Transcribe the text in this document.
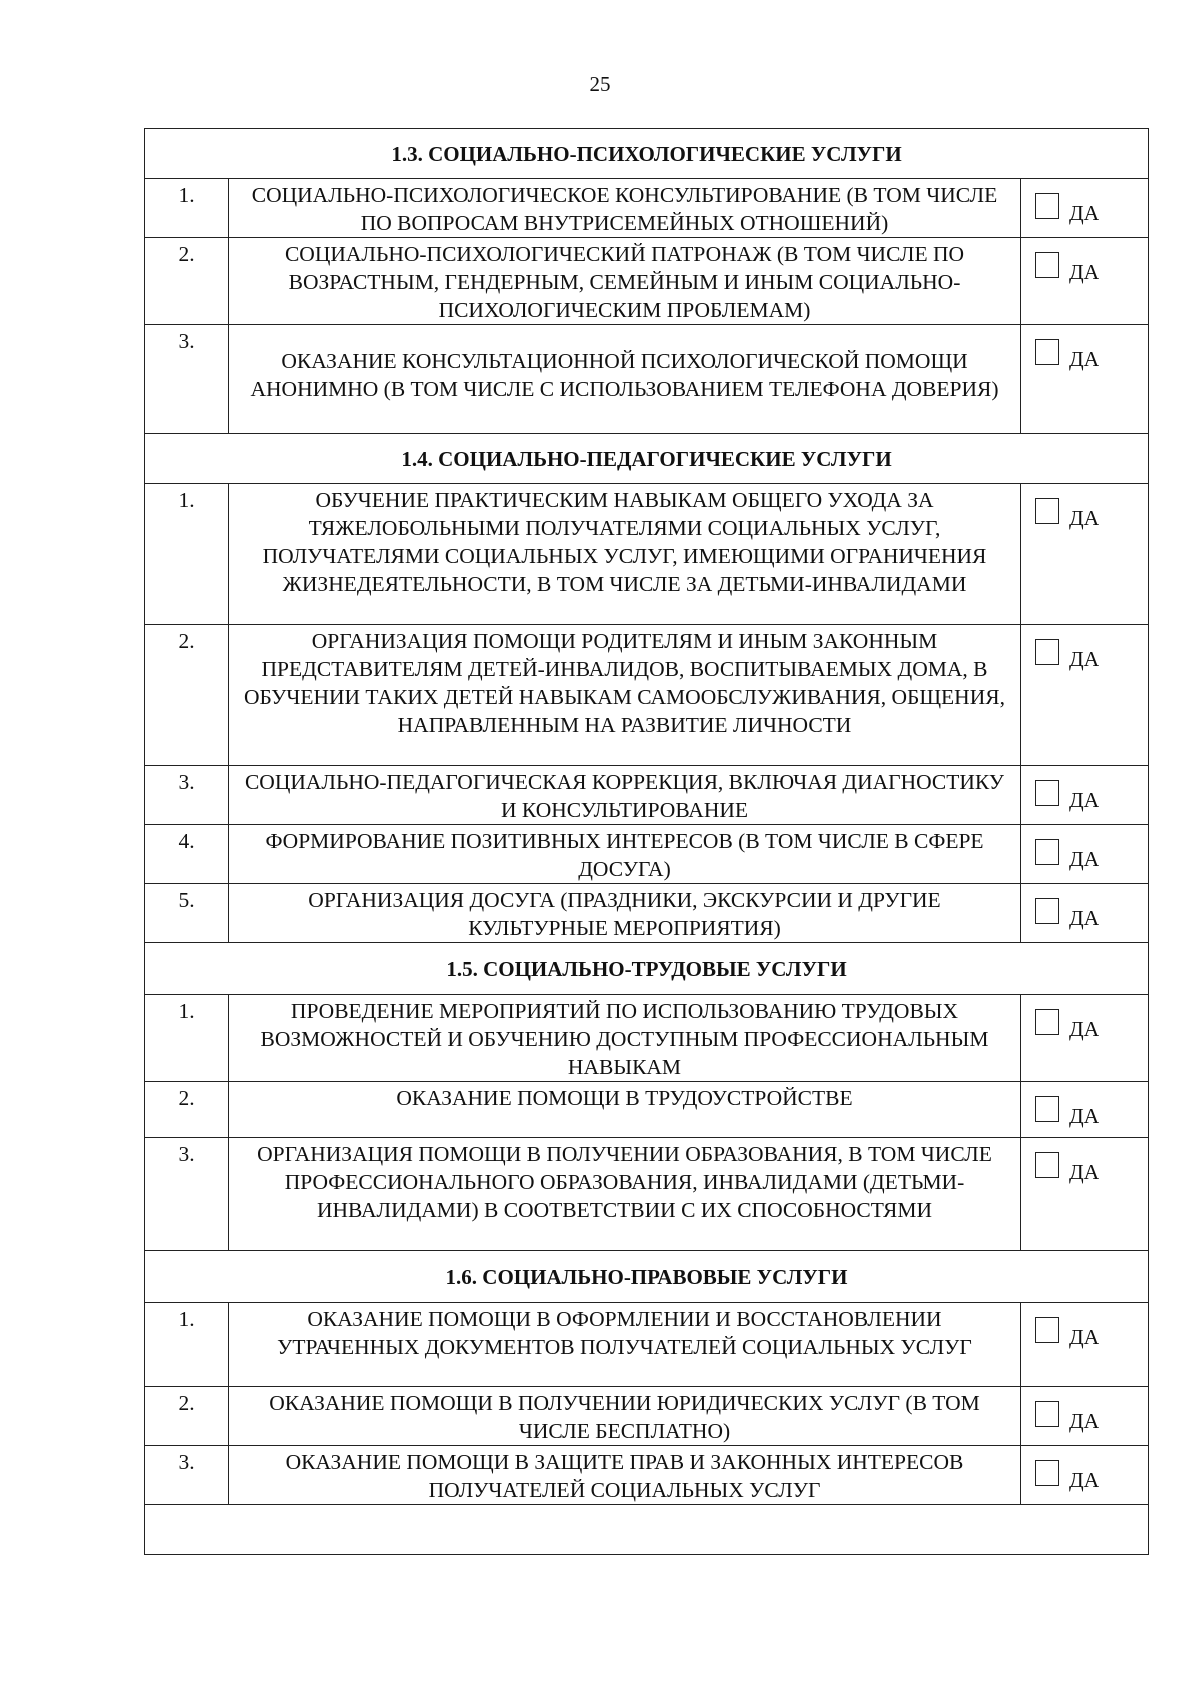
25
1.3. СОЦИАЛЬНО-ПСИХОЛОГИЧЕСКИЕ УСЛУГИ		
1.	СОЦИАЛЬНО-ПСИХОЛОГИЧЕСКОЕ КОНСУЛЬТИРОВАНИЕ (В ТОМ ЧИСЛЕ ПО ВОПРОСАМ ВНУТРИСЕМЕЙНЫХ ОТНОШЕНИЙ)	ДА

2.	СОЦИАЛЬНО-ПСИХОЛОГИЧЕСКИЙ ПАТРОНАЖ (В ТОМ ЧИСЛЕ ПО ВОЗРАСТНЫМ, ГЕНДЕРНЫМ, СЕМЕЙНЫМ И ИНЫМ СОЦИАЛЬНО- ПСИХОЛОГИЧЕСКИМ ПРОБЛЕМАМ)	ДА

3.	ОКАЗАНИЕ КОНСУЛЬТАЦИОННОЙ ПСИХОЛОГИЧЕСКОЙ ПОМОЩИ АНОНИМНО (В ТОМ ЧИСЛЕ С ИСПОЛЬЗОВАНИЕМ ТЕЛЕФОНА ДОВЕРИЯ)	ДА

1.4. СОЦИАЛЬНО-ПЕДАГОГИЧЕСКИЕ УСЛУГИ		
1.	ОБУЧЕНИЕ ПРАКТИЧЕСКИМ НАВЫКАМ ОБЩЕГО УХОДА ЗА ТЯЖЕЛОБОЛЬНЫМИ ПОЛУЧАТЕЛЯМИ СОЦИАЛЬНЫХ УСЛУГ, ПОЛУЧАТЕЛЯМИ СОЦИАЛЬНЫХ УСЛУГ, ИМЕЮЩИМИ ОГРАНИЧЕНИЯ ЖИЗНЕДЕЯТЕЛЬНОСТИ, В ТОМ ЧИСЛЕ ЗА ДЕТЬМИ-ИНВАЛИДАМИ	ДА

2.	ОРГАНИЗАЦИЯ ПОМОЩИ РОДИТЕЛЯМ И ИНЫМ ЗАКОННЫМ ПРЕДСТАВИТЕЛЯМ ДЕТЕЙ-ИНВАЛИДОВ, ВОСПИТЫВАЕМЫХ ДОМА, В ОБУЧЕНИИ ТАКИХ ДЕТЕЙ НАВЫКАМ САМООБСЛУЖИВАНИЯ, ОБЩЕНИЯ, НАПРАВЛЕННЫМ НА РАЗВИТИЕ ЛИЧНОСТИ	ДА

3.	СОЦИАЛЬНО-ПЕДАГОГИЧЕСКАЯ КОРРЕКЦИЯ, ВКЛЮЧАЯ ДИАГНОСТИКУ И КОНСУЛЬТИРОВАНИЕ	ДА

4.	ФОРМИРОВАНИЕ ПОЗИТИВНЫХ ИНТЕРЕСОВ (В ТОМ ЧИСЛЕ В СФЕРЕ ДОСУГА)	ДА

5.	ОРГАНИЗАЦИЯ ДОСУГА (ПРАЗДНИКИ, ЭКСКУРСИИ И ДРУГИЕ КУЛЬТУРНЫЕ МЕРОПРИЯТИЯ)	ДА

1.5. СОЦИАЛЬНО-ТРУДОВЫЕ УСЛУГИ		
1.	ПРОВЕДЕНИЕ МЕРОПРИЯТИЙ ПО ИСПОЛЬЗОВАНИЮ ТРУДОВЫХ ВОЗМОЖНОСТЕЙ И ОБУЧЕНИЮ ДОСТУПНЫМ ПРОФЕССИОНАЛЬНЫМ НАВЫКАМ	ДА

2.	ОКАЗАНИЕ ПОМОЩИ В ТРУДОУСТРОЙСТВЕ	ДА

3.	ОРГАНИЗАЦИЯ ПОМОЩИ В ПОЛУЧЕНИИ ОБРАЗОВАНИЯ, В ТОМ ЧИСЛЕ ПРОФЕССИОНАЛЬНОГО ОБРАЗОВАНИЯ, ИНВАЛИДАМИ (ДЕТЬМИ-ИНВАЛИДАМИ) В СООТВЕТСТВИИ С ИХ СПОСОБНОСТЯМИ	ДА

1.6. СОЦИАЛЬНО-ПРАВОВЫЕ УСЛУГИ		
1.	ОКАЗАНИЕ ПОМОЩИ В ОФОРМЛЕНИИ И ВОССТАНОВЛЕНИИ УТРАЧЕННЫХ ДОКУМЕНТОВ ПОЛУЧАТЕЛЕЙ СОЦИАЛЬНЫХ УСЛУГ	ДА

2.	ОКАЗАНИЕ ПОМОЩИ В ПОЛУЧЕНИИ ЮРИДИЧЕСКИХ УСЛУГ (В ТОМ ЧИСЛЕ БЕСПЛАТНО)	ДА

3.	ОКАЗАНИЕ ПОМОЩИ В ЗАЩИТЕ ПРАВ И ЗАКОННЫХ ИНТЕРЕСОВ ПОЛУЧАТЕЛЕЙ СОЦИАЛЬНЫХ УСЛУГ	ДА
